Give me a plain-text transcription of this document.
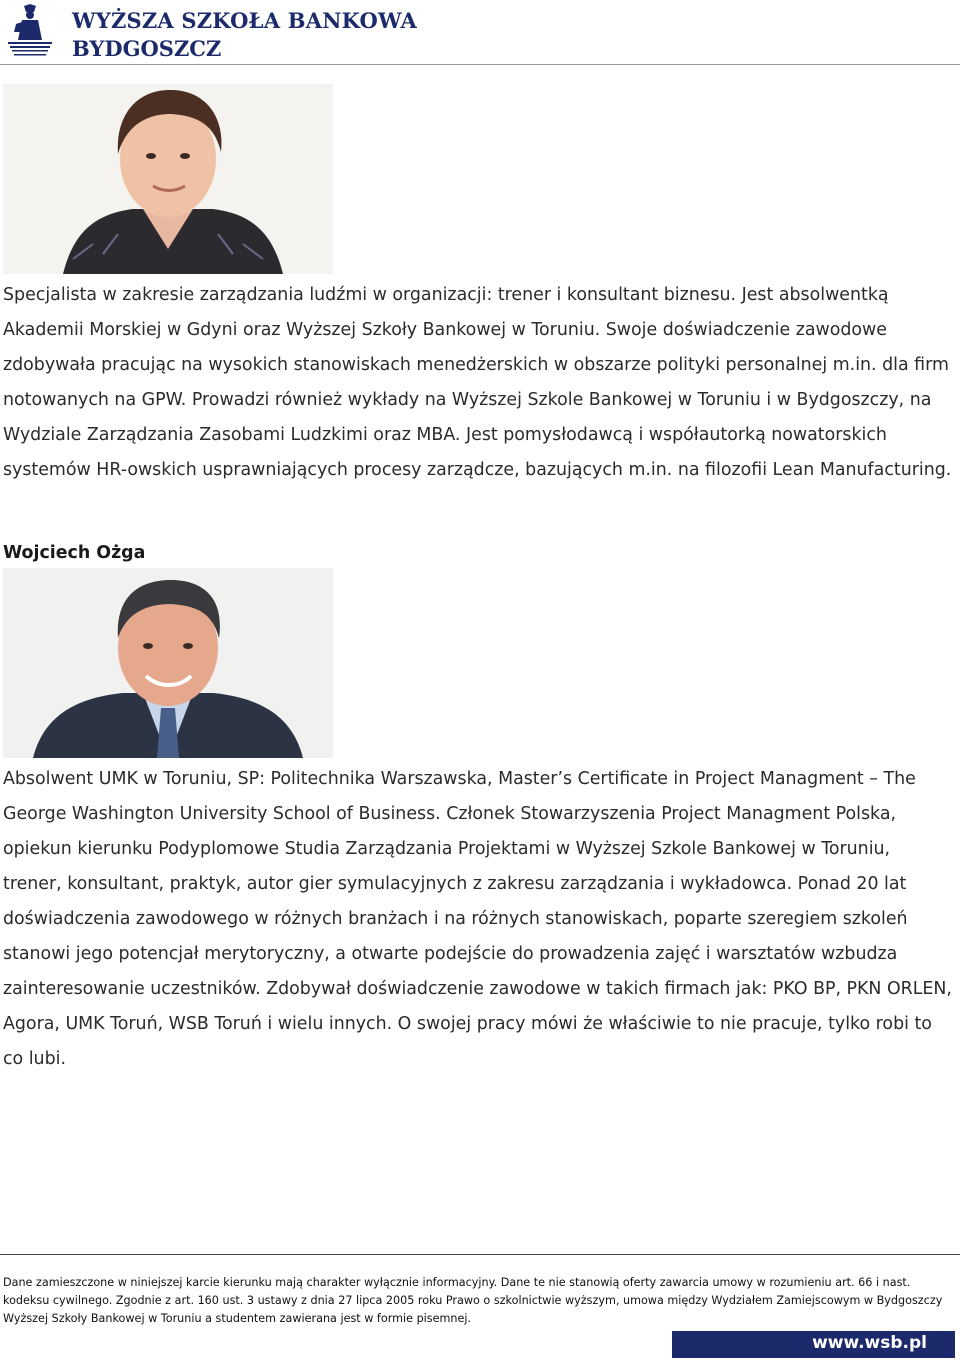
WYŻSZA SZKOŁA BANKOWA
BYDGOSZCZ

Specjalista w zakresie zarządzania ludźmi w organizacji: trener i konsultant biznesu. Jest absolwentką Akademii Morskiej w Gdyni oraz Wyższej Szkoły Bankowej w Toruniu. Swoje doświadczenie zawodowe zdobywała pracując na wysokich stanowiskach menedżerskich w obszarze polityki personalnej m.in. dla firm notowanych na GPW. Prowadzi również wykłady na Wyższej Szkole Bankowej w Toruniu i w Bydgoszczy, na Wydziale Zarządzania Zasobami Ludzkimi oraz MBA. Jest pomysłodawcą i współautorką nowatorskich systemów HR-owskich usprawniających procesy zarządcze, bazujących m.in. na filozofii Lean Manufacturing.

Wojciech Ożga

Absolwent UMK w Toruniu, SP: Politechnika Warszawska, Master’s Certificate in Project Managment – The George Washington University School of Business. Członek Stowarzyszenia Project Managment Polska, opiekun kierunku Podyplomowe Studia Zarządzania Projektami w Wyższej Szkole Bankowej w Toruniu, trener, konsultant, praktyk, autor gier symulacyjnych z zakresu zarządzania i wykładowca. Ponad 20 lat doświadczenia zawodowego w różnych branżach i na różnych stanowiskach, poparte szeregiem szkoleń stanowi jego potencjał merytoryczny, a otwarte podejście do prowadzenia zajęć i warsztatów wzbudza zainteresowanie uczestników. Zdobywał doświadczenie zawodowe w takich firmach jak: PKO BP, PKN ORLEN, Agora, UMK Toruń, WSB Toruń i wielu innych. O swojej pracy mówi że właściwie to nie pracuje, tylko robi to co lubi.

Dane zamieszczone w niniejszej karcie kierunku mają charakter wyłącznie informacyjny. Dane te nie stanowią oferty zawarcia umowy w rozumieniu art. 66 i nast. kodeksu cywilnego. Zgodnie z art. 160 ust. 3 ustawy z dnia 27 lipca 2005 roku Prawo o szkolnictwie wyższym, umowa między Wydziałem Zamiejscowym w Bydgoszczy Wyższej Szkoły Bankowej w Toruniu a studentem zawierana jest w formie pisemnej.

www.wsb.pl
